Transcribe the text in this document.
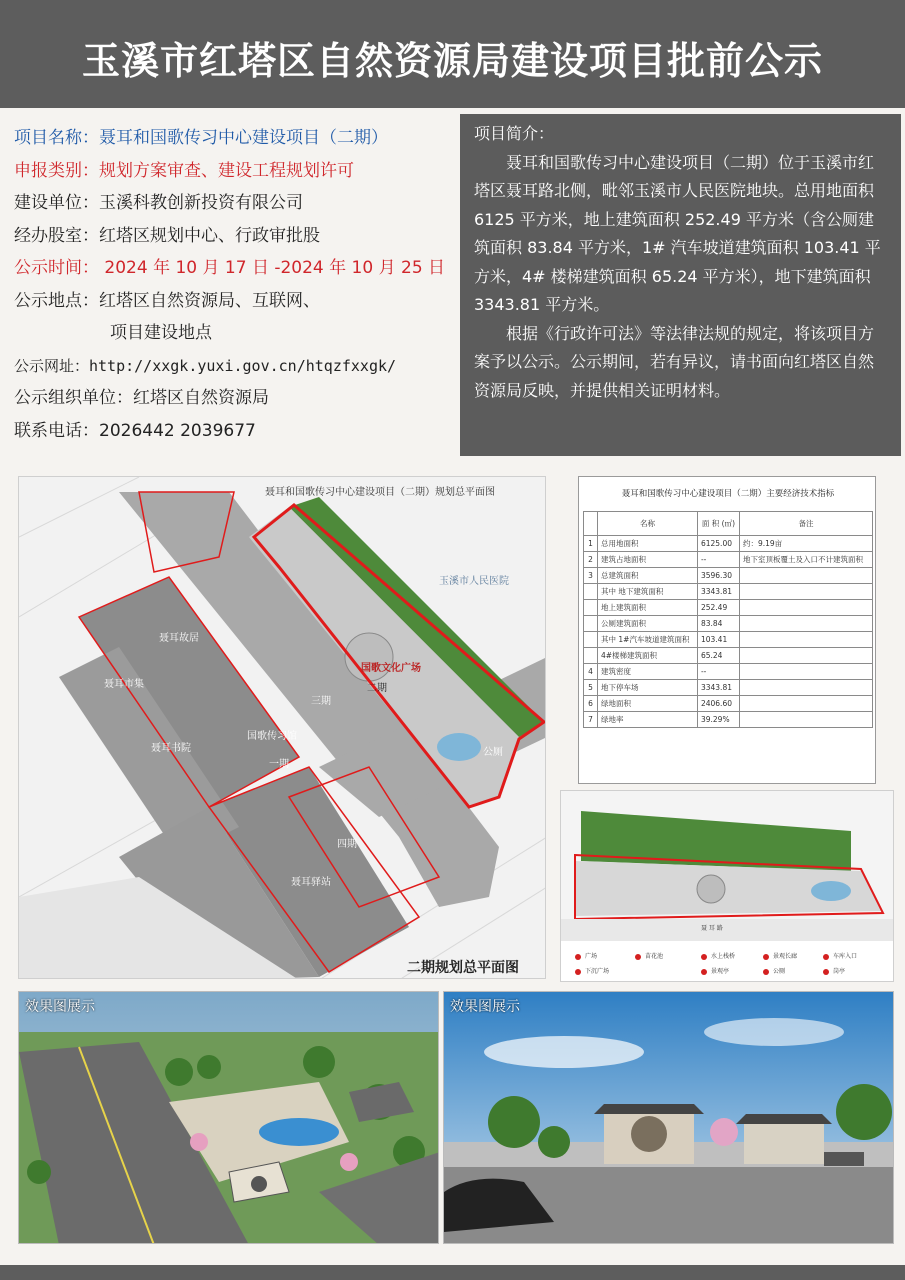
玉溪市红塔区自然资源局建设项目批前公示
项目名称：聂耳和国歌传习中心建设项目（二期）
申报类别：规划方案审查、建设工程规划许可
建设单位：玉溪科教创新投资有限公司
经办股室：红塔区规划中心、行政审批股
公示时间： 2024 年 10 月 17 日 -2024 年 10 月 25 日
公示地点：红塔区自然资源局、互联网、
项目建设地点
公示网址：http://xxgk.yuxi.gov.cn/htqzfxxgk/
公示组织单位：红塔区自然资源局
联系电话：2026442 2039677

项目简介：

聂耳和国歌传习中心建设项目（二期）位于玉溪市红塔区聂耳路北侧，毗邻玉溪市人民医院地块。总用地面积 6125 平方米，地上建筑面积 252.49 平方米（含公厕建筑面积 83.84 平方米，1# 汽车坡道建筑面积 103.41 平方米，4# 楼梯建筑面积 65.24 平方米），地下建筑面积 3343.81 平方米。

根据《行政许可法》等法律法规的规定，将该项目方案予以公示。公示期间，若有异议，请书面向红塔区自然资源局反映，并提供相关证明材料。

聂耳和国歌传习中心建设项目（二期）规划总平面图
玉溪市人民医院
国歌文化广场
二期
三期
一期
四期
聂耳故居
聂耳市集
聂耳书院
国歌传习馆
公厕
聂耳驿站
二期规划总平面图
聂耳和国歌传习中心建设项目（二期）主要经济技术指标
	名称	面 积 (㎡)	备注
1	总用地面积	6125.00	约：9.19亩
2	建筑占地面积	--	地下室顶板覆土及入口不计建筑面积
3	总建筑面积	3596.30	
	其中 地下建筑面积	3343.81	
	地上建筑面积	252.49	
	公厕建筑面积	83.84	
	其中 1#汽车坡道建筑面积	103.41	
	4#楼梯建筑面积	65.24	
4	建筑密度	--	
5	地下停车场	3343.81	
6	绿地面积	2406.60	
7	绿地率	39.29%	
聂 耳 路
广场	苗花池	水上栈桥	景观长廊	车库入口
下沉广场	景观亭	公厕	岗亭
效果图展示	效果图展示
